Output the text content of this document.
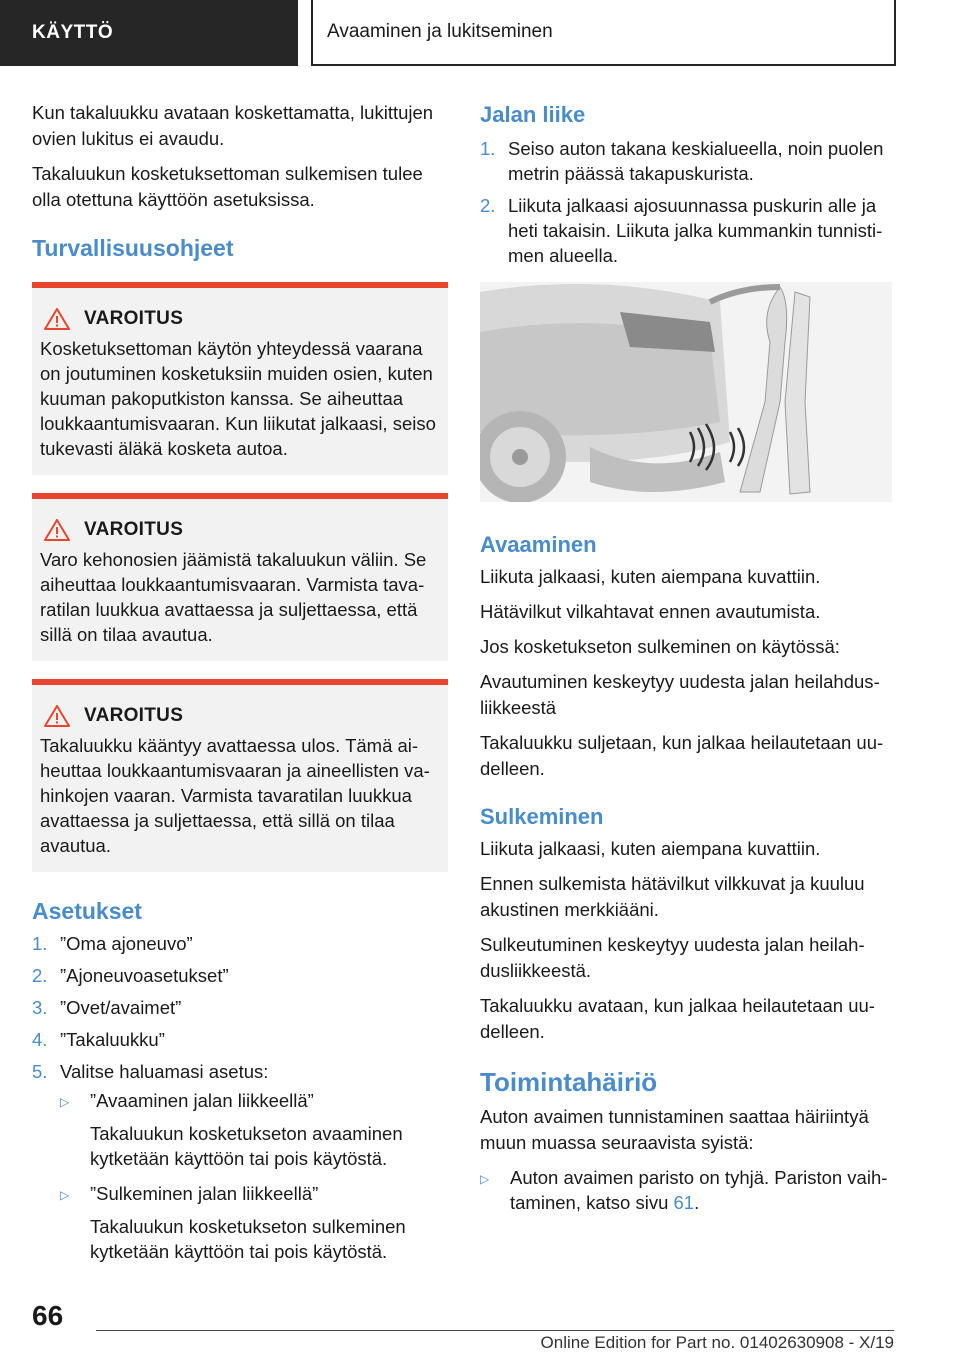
KÄYTTÖ	Avaaminen ja lukitseminen

Kun takaluukku avataan koskettamatta, lukittujen ovien lukitus ei avaudu.

Takaluukun kosketuksettoman sulkemisen tulee olla otettuna käyttöön asetuksissa.

Turvallisuusohjeet
VAROITUS
Kosketuksettoman käytön yhteydessä vaarana on joutuminen kosketuksiin muiden osien, kuten kuuman pakoputkiston kanssa. Se aiheuttaa loukkaantumisvaaran. Kun liikutat jalkaasi, seiso tukevasti äläkä kosketa autoa.
VAROITUS
Varo kehonosien jäämistä takaluukun väliin. Se aiheuttaa loukkaantumisvaaran. Varmista tavaratilan luukkua avattaessa ja suljettaessa, että sillä on tilaa avautua.
VAROITUS
Takaluukku kääntyy avattaessa ulos. Tämä aiheuttaa loukkaantumisvaaran ja aineellisten vahinkojen vaaran. Varmista tavaratilan luukkua avattaessa ja suljettaessa, että sillä on tilaa avautua.
Asetukset
1. ”Oma ajoneuvo”
2. ”Ajoneuvoasetukset”
3. ”Ovet/avaimet”
4. ”Takaluukku”
5. Valitse haluamasi asetus:
▷	”Avaaminen jalan liikkeellä”
Takaluukun kosketukseton avaaminen kytketään käyttöön tai pois käytöstä.
▷	”Sulkeminen jalan liikkeellä”
Takaluukun kosketukseton sulkeminen kytketään käyttöön tai pois käytöstä.
Jalan liike
1. Seiso auton takana keskialueella, noin puolen metrin päässä takapuskurista.
2. Liikuta jalkaasi ajosuunnassa puskurin alle ja heti takaisin. Liikuta jalka kummankin tunnistimen alueella.
Avaaminen

Liikuta jalkaasi, kuten aiempana kuvattiin.

Hätävilkut vilkahtavat ennen avautumista.

Jos kosketukseton sulkeminen on käytössä:

Avautuminen keskeytyy uudesta jalan heilahdusliikkeestä

Takaluukku suljetaan, kun jalkaa heilautetaan uudelleen.

Sulkeminen

Liikuta jalkaasi, kuten aiempana kuvattiin.

Ennen sulkemista hätävilkut vilkkuvat ja kuuluu akustinen merkkiääni.

Sulkeutuminen keskeytyy uudesta jalan heilahdusliikkeestä.

Takaluukku avataan, kun jalkaa heilautetaan uudelleen.

Toimintahäiriö

Auton avaimen tunnistaminen saattaa häiriintyä muun muassa seuraavista syistä:

▷	Auton avaimen paristo on tyhjä. Pariston vaihtaminen, katso sivu 61.
66
Online Edition for Part no. 01402630908 - X/19
